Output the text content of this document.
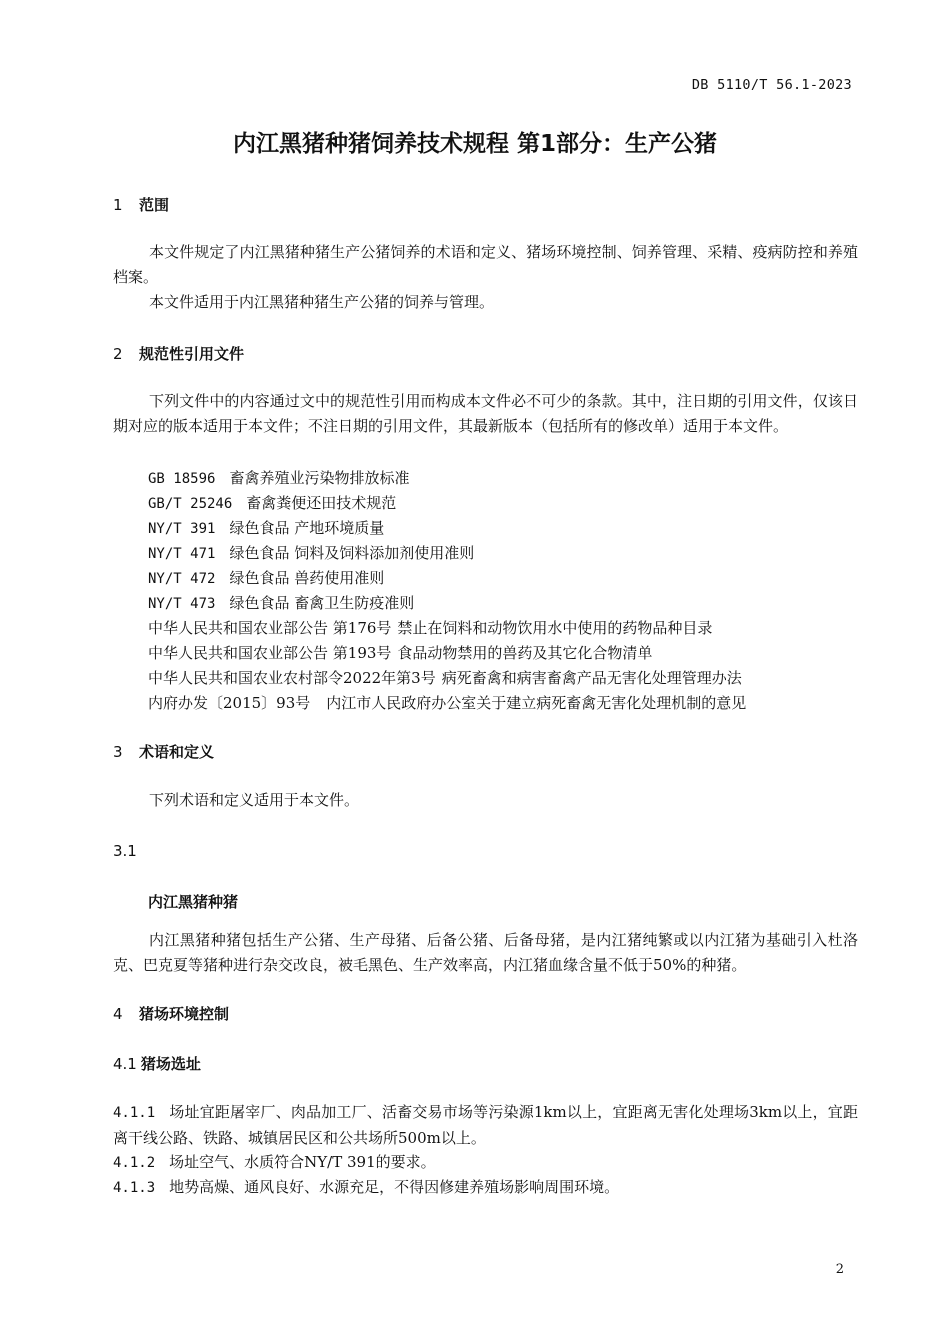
DB 5110/T 56.1-2023
内江黑猪种猪饲养技术规程 第1部分：生产公猪
1 范围
本文件规定了内江黑猪种猪生产公猪饲养的术语和定义、猪场环境控制、饲养管理、采精、疫病防控和养殖档案。
本文件适用于内江黑猪种猪生产公猪的饲养与管理。
2 规范性引用文件
下列文件中的内容通过文中的规范性引用而构成本文件必不可少的条款。其中，注日期的引用文件，仅该日期对应的版本适用于本文件；不注日期的引用文件，其最新版本（包括所有的修改单）适用于本文件。
GB 18596 畜禽养殖业污染物排放标准
GB/T 25246 畜禽粪便还田技术规范
NY/T 391 绿色食品 产地环境质量
NY/T 471 绿色食品 饲料及饲料添加剂使用准则
NY/T 472 绿色食品 兽药使用准则
NY/T 473 绿色食品 畜禽卫生防疫准则
中华人民共和国农业部公告 第176号 禁止在饲料和动物饮用水中使用的药物品种目录
中华人民共和国农业部公告 第193号 食品动物禁用的兽药及其它化合物清单
中华人民共和国农业农村部令2022年第3号 病死畜禽和病害畜禽产品无害化处理管理办法
内府办发〔2015〕93号 内江市人民政府办公室关于建立病死畜禽无害化处理机制的意见
3 术语和定义
下列术语和定义适用于本文件。
3.1
内江黑猪种猪
内江黑猪种猪包括生产公猪、生产母猪、后备公猪、后备母猪，是内江猪纯繁或以内江猪为基础引入杜洛克、巴克夏等猪种进行杂交改良，被毛黑色、生产效率高，内江猪血缘含量不低于50%的种猪。
4 猪场环境控制
4.1 猪场选址
4.1.1 场址宜距屠宰厂、肉品加工厂、活畜交易市场等污染源1km以上，宜距离无害化处理场3km以上，宜距离干线公路、铁路、城镇居民区和公共场所500m以上。
4.1.2 场址空气、水质符合NY/T 391的要求。
4.1.3 地势高燥、通风良好、水源充足，不得因修建养殖场影响周围环境。
2
